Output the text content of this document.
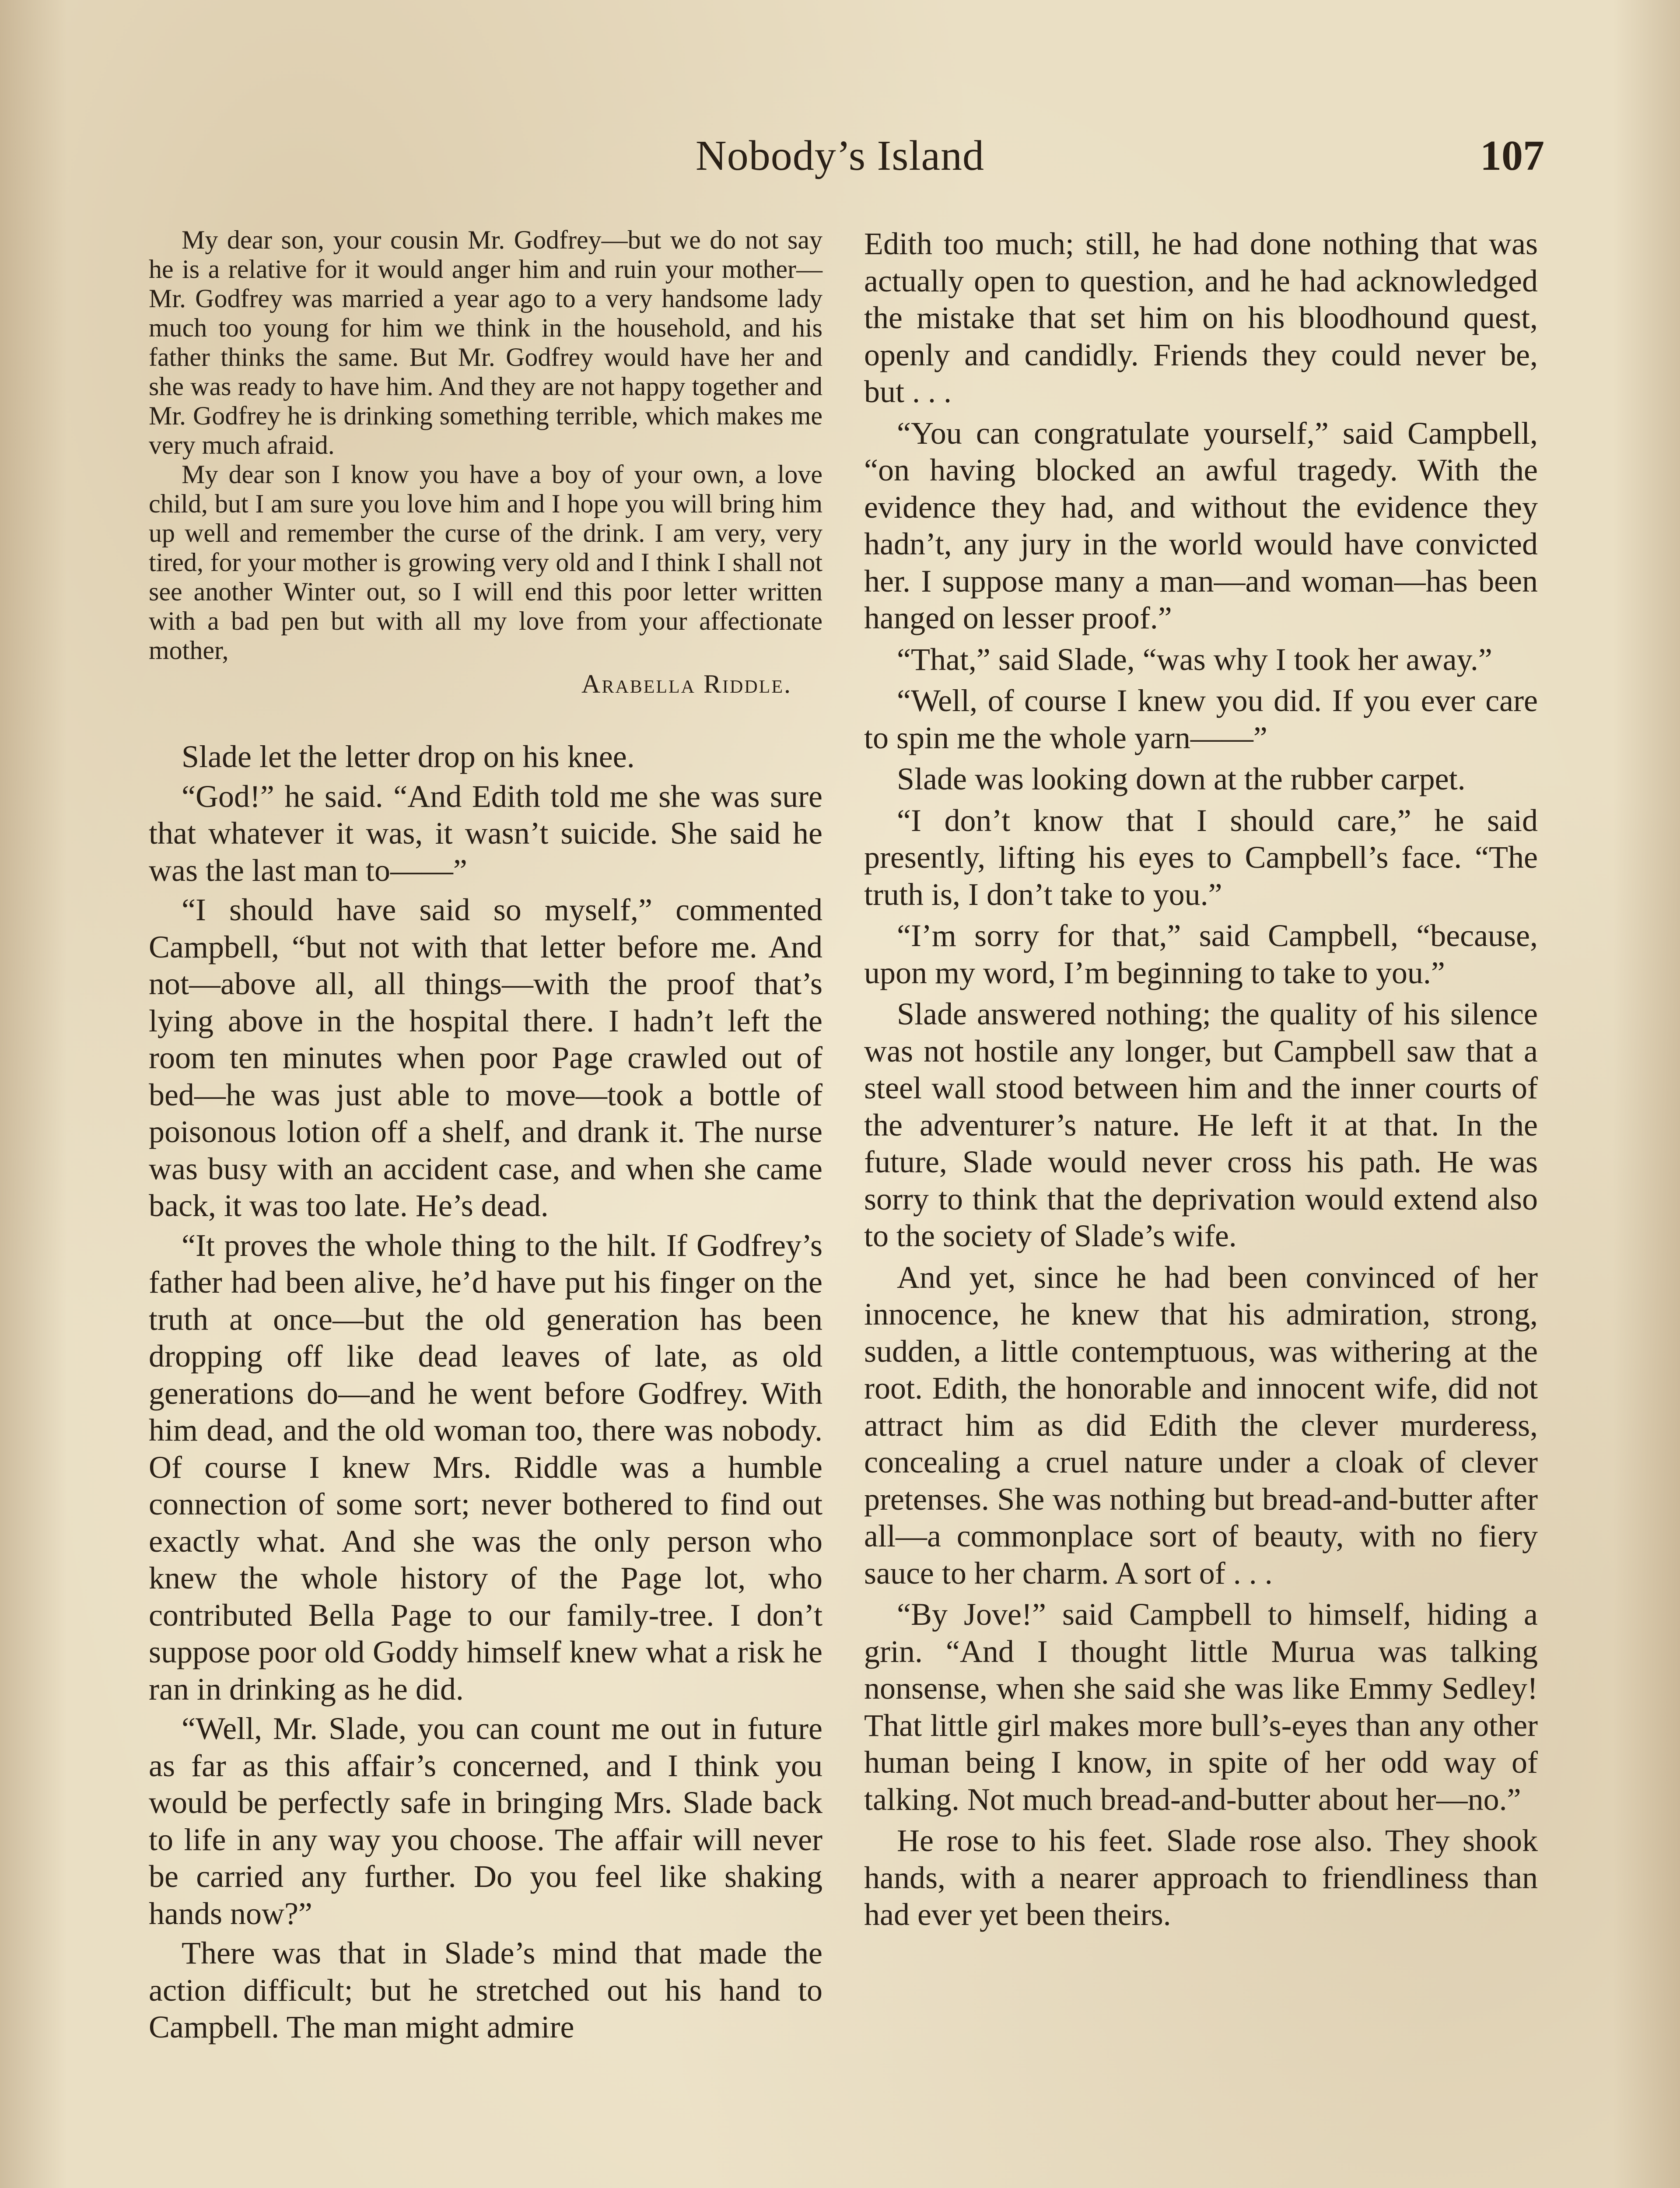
Nobody’s Island	107

My dear son, your cousin Mr. Godfrey—but we do not say he is a relative for it would anger him and ruin your mother—Mr. Godfrey was married a year ago to a very handsome lady much too young for him we think in the household, and his father thinks the same. But Mr. Godfrey would have her and she was ready to have him. And they are not happy together and Mr. Godfrey he is drinking something terrible, which makes me very much afraid.

My dear son I know you have a boy of your own, a love child, but I am sure you love him and I hope you will bring him up well and remember the curse of the drink. I am very, very tired, for your mother is growing very old and I think I shall not see another Winter out, so I will end this poor letter written with a bad pen but with all my love from your affectionate mother,

Arabella Riddle.

Slade let the letter drop on his knee.

“God!” he said. “And Edith told me she was sure that whatever it was, it wasn’t suicide. She said he was the last man to——”

“I should have said so myself,” commented Campbell, “but not with that letter before me. And not—above all, all things—with the proof that’s lying above in the hospital there. I hadn’t left the room ten minutes when poor Page crawled out of bed—he was just able to move—took a bottle of poisonous lotion off a shelf, and drank it. The nurse was busy with an accident case, and when she came back, it was too late. He’s dead.

“It proves the whole thing to the hilt. If Godfrey’s father had been alive, he’d have put his finger on the truth at once—but the old generation has been dropping off like dead leaves of late, as old generations do—and he went before Godfrey. With him dead, and the old woman too, there was nobody. Of course I knew Mrs. Riddle was a humble connection of some sort; never bothered to find out exactly what. And she was the only person who knew the whole history of the Page lot, who contributed Bella Page to our family-tree. I don’t suppose poor old Goddy himself knew what a risk he ran in drinking as he did.

“Well, Mr. Slade, you can count me out in future as far as this affair’s concerned, and I think you would be perfectly safe in bringing Mrs. Slade back to life in any way you choose. The affair will never be carried any further. Do you feel like shaking hands now?”

There was that in Slade’s mind that made the action difficult; but he stretched out his hand to Campbell. The man might admire

Edith too much; still, he had done nothing that was actually open to question, and he had acknowledged the mistake that set him on his bloodhound quest, openly and candidly. Friends they could never be, but . . .

“You can congratulate yourself,” said Campbell, “on having blocked an awful tragedy. With the evidence they had, and without the evidence they hadn’t, any jury in the world would have convicted her. I suppose many a man—and woman—has been hanged on lesser proof.”

“That,” said Slade, “was why I took her away.”

“Well, of course I knew you did. If you ever care to spin me the whole yarn——”

Slade was looking down at the rubber carpet.

“I don’t know that I should care,” he said presently, lifting his eyes to Campbell’s face. “The truth is, I don’t take to you.”

“I’m sorry for that,” said Campbell, “because, upon my word, I’m beginning to take to you.”

Slade answered nothing; the quality of his silence was not hostile any longer, but Campbell saw that a steel wall stood between him and the inner courts of the adventurer’s nature. He left it at that. In the future, Slade would never cross his path. He was sorry to think that the deprivation would extend also to the society of Slade’s wife.

And yet, since he had been convinced of her innocence, he knew that his admiration, strong, sudden, a little contemptuous, was withering at the root. Edith, the honorable and innocent wife, did not attract him as did Edith the clever murderess, concealing a cruel nature under a cloak of clever pretenses. She was nothing but bread-and-butter after all—a commonplace sort of beauty, with no fiery sauce to her charm. A sort of . . .

“By Jove!” said Campbell to himself, hiding a grin. “And I thought little Murua was talking nonsense, when she said she was like Emmy Sedley! That little girl makes more bull’s-eyes than any other human being I know, in spite of her odd way of talking. Not much bread-and-butter about her—no.”

He rose to his feet. Slade rose also. They shook hands, with a nearer approach to friendliness than had ever yet been theirs.
